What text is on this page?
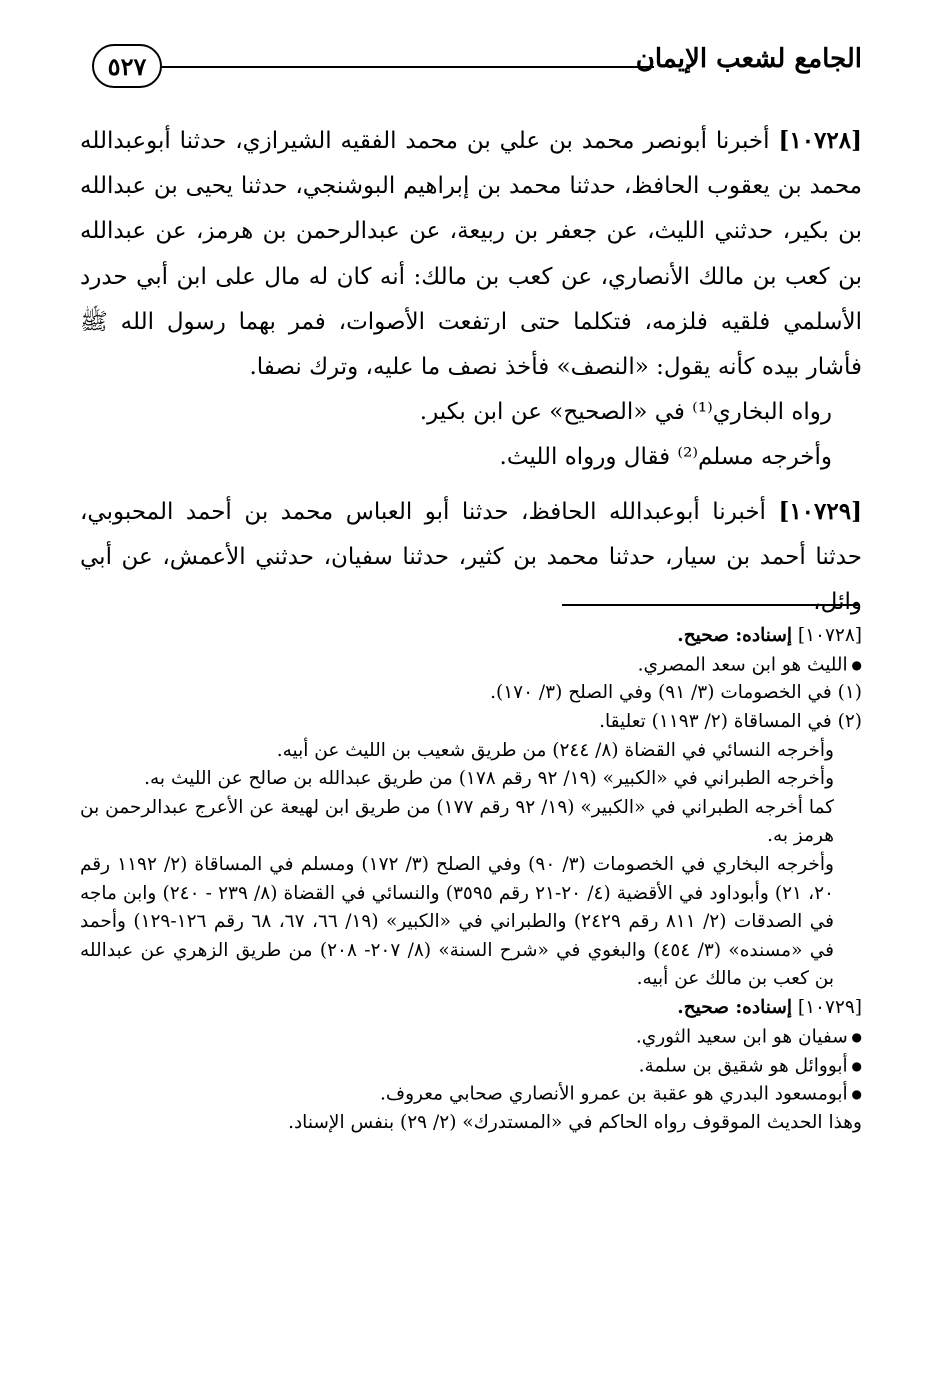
٥٢٧	الجامع لشعب الإيمان

[١٠٧٢٨] أخبرنا أبونصر محمد بن علي بن محمد الفقيه الشيرازي، حدثنا أبوعبدالله محمد بن يعقوب الحافظ، حدثنا محمد بن إبراهيم البوشنجي، حدثنا يحيى بن عبدالله بن بكير، حدثني الليث، عن جعفر بن ربيعة، عن عبدالرحمن بن هرمز، عن عبدالله بن كعب بن مالك الأنصاري، عن كعب بن مالك: أنه كان له مال على ابن أبي حدرد الأسلمي فلقيه فلزمه، فتكلما حتى ارتفعت الأصوات، فمر بهما رسول الله ﷺ فأشار بيده كأنه يقول: «النصف» فأخذ نصف ما عليه، وترك نصفا.

رواه البخاري⁽¹⁾ في «الصحيح» عن ابن بكير.

وأخرجه مسلم⁽²⁾ فقال ورواه الليث.

[١٠٧٢٩] أخبرنا أبوعبدالله الحافظ، حدثنا أبو العباس محمد بن أحمد المحبوبي، حدثنا أحمد بن سيار، حدثنا محمد بن كثير، حدثنا سفيان، حدثني الأعمش، عن أبي وائل،

[١٠٧٢٨] إسناده: صحيح.

● الليث هو ابن سعد المصري.

(١) في الخصومات (٣/ ٩١) وفي الصلح (٣/ ١٧٠).

(٢) في المساقاة (٢/ ١١٩٣) تعليقا.

وأخرجه النسائي في القضاة (٨/ ٢٤٤) من طريق شعيب بن الليث عن أبيه.

وأخرجه الطبراني في «الكبير» (١٩/ ٩٢ رقم ١٧٨) من طريق عبدالله بن صالح عن الليث به.

كما أخرجه الطبراني في «الكبير» (١٩/ ٩٢ رقم ١٧٧) من طريق ابن لهيعة عن الأعرج عبدالرحمن بن هرمز به.

وأخرجه البخاري في الخصومات (٣/ ٩٠) وفي الصلح (٣/ ١٧٢) ومسلم في المساقاة (٢/ ١١٩٢ رقم ٢٠، ٢١) وأبوداود في الأقضية (٤/ ٢٠-٢١ رقم ٣٥٩٥) والنسائي في القضاة (٨/ ٢٣٩ - ٢٤٠) وابن ماجه في الصدقات (٢/ ٨١١ رقم ٢٤٢٩) والطبراني في «الكبير» (١٩/ ٦٦، ٦٧، ٦٨ رقم ١٢٦-١٢٩) وأحمد في «مسنده» (٣/ ٤٥٤) والبغوي في «شرح السنة» (٨/ ٢٠٧- ٢٠٨) من طريق الزهري عن عبدالله بن كعب بن مالك عن أبيه.

[١٠٧٢٩] إسناده: صحيح.

● سفيان هو ابن سعيد الثوري.

● أبووائل هو شقيق بن سلمة.

● أبومسعود البدري هو عقبة بن عمرو الأنصاري صحابي معروف.

وهذا الحديث الموقوف رواه الحاكم في «المستدرك» (٢/ ٢٩) بنفس الإسناد.
